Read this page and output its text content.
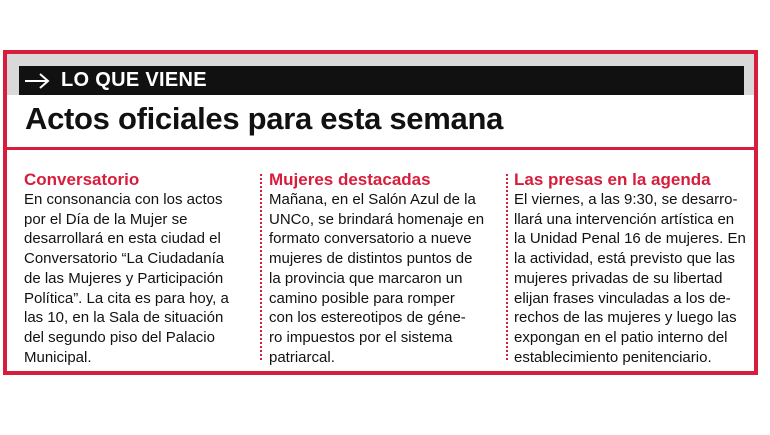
LO QUE VIENE
Actos oficiales para esta semana
Conversatorio

En consonancia con los actos
por el Día de la Mujer se
desarrollará en esta ciudad el
Conversatorio “La Ciudadanía
de las Mujeres y Participación
Política”. La cita es para hoy, a
las 10, en la Sala de situación
del segundo piso del Palacio
Municipal.

Mujeres destacadas

Mañana, en el Salón Azul de la
UNCo, se brindará homenaje en
formato conversatorio a nueve
mujeres de distintos puntos de
la provincia que marcaron un
camino posible para romper
con los estereotipos de géne-
ro impuestos por el sistema
patriarcal.

Las presas en la agenda

El viernes, a las 9:30, se desarro-
llará una intervención artística en
la Unidad Penal 16 de mujeres. En
la actividad, está previsto que las
mujeres privadas de su libertad
elijan frases vinculadas a los de-
rechos de las mujeres y luego las
expongan en el patio interno del
establecimiento penitenciario.
